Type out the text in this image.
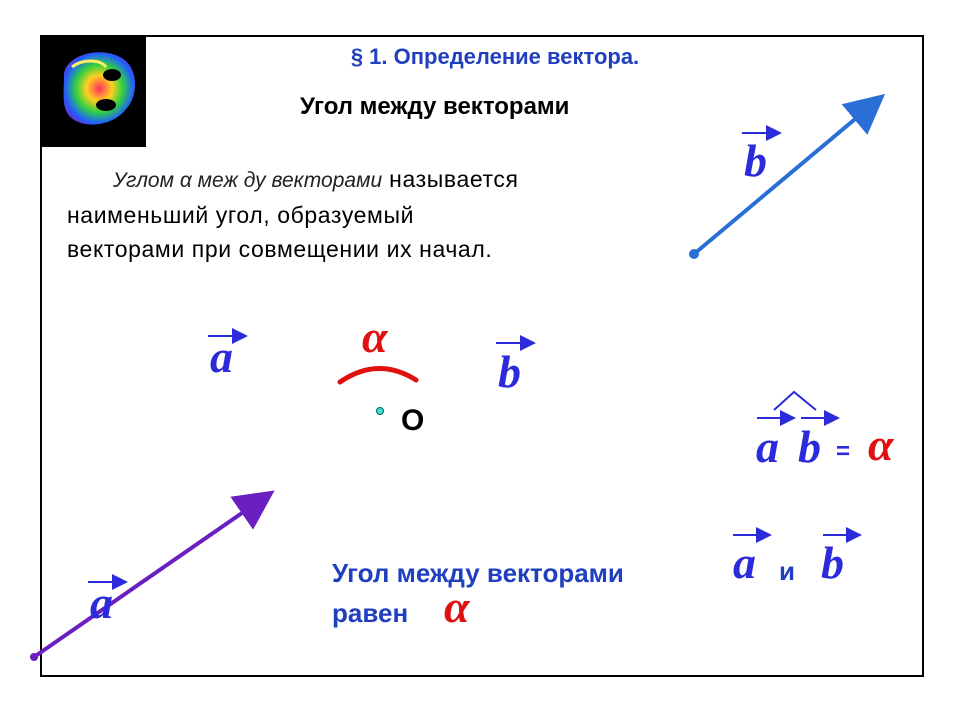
§ 1. Определение вектора.
Угол между векторами
Углом α меж ду векторами называется
наименьший угол, образуемый
векторами при совмещении их начал.
b
a	b
a
α
O
a b = α
Угол между векторами
равен α
a и b
